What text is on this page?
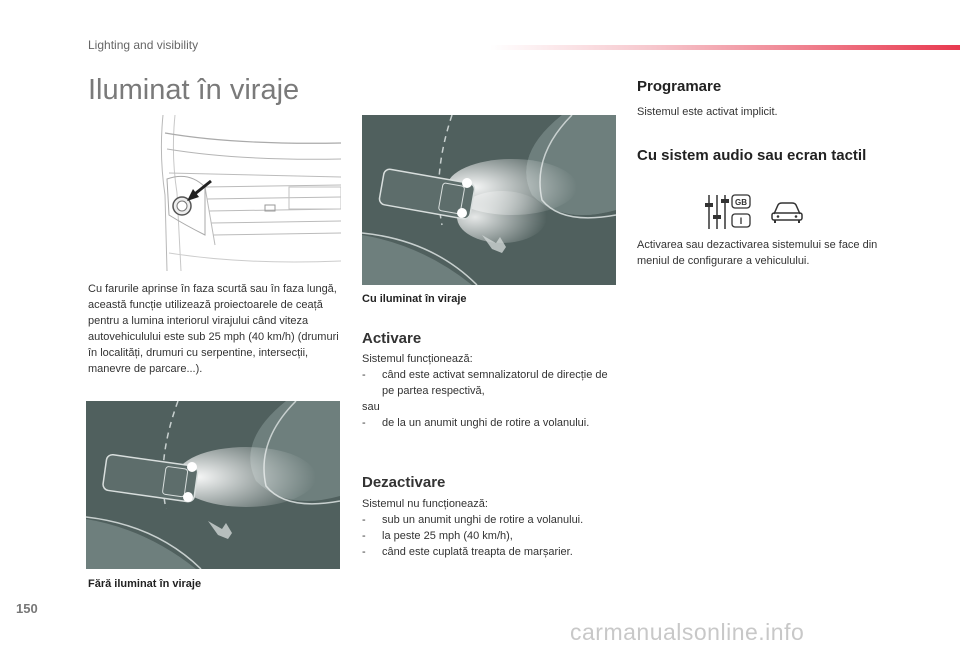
Lighting and visibility
Iluminat în viraje
Cu farurile aprinse în faza scurtă sau în faza lungă, această funcție utilizează proiectoarele de ceață pentru a lumina interiorul virajului când viteza autovehiculului este sub 25 mph (40 km/h) (drumuri în localități, drumuri cu serpentine, intersecții, manevre de parcare...).
Cu iluminat în viraje
Activare
Sistemul funcționează:
- când este activat semnalizatorul de direcție de pe partea respectivă,
sau
- de la un anumit unghi de rotire a volanului.
Fără iluminat în viraje
Dezactivare
Sistemul nu funcționează:
- sub un anumit unghi de rotire a volanului.
- la peste 25 mph (40 km/h),
- când este cuplată treapta de marșarier.
Programare
Sistemul este activat implicit.
Cu sistem audio sau ecran tactil
GB
I
Activarea sau dezactivarea sistemului se face din meniul de configurare a vehiculului.
150
carmanualsonline.info
